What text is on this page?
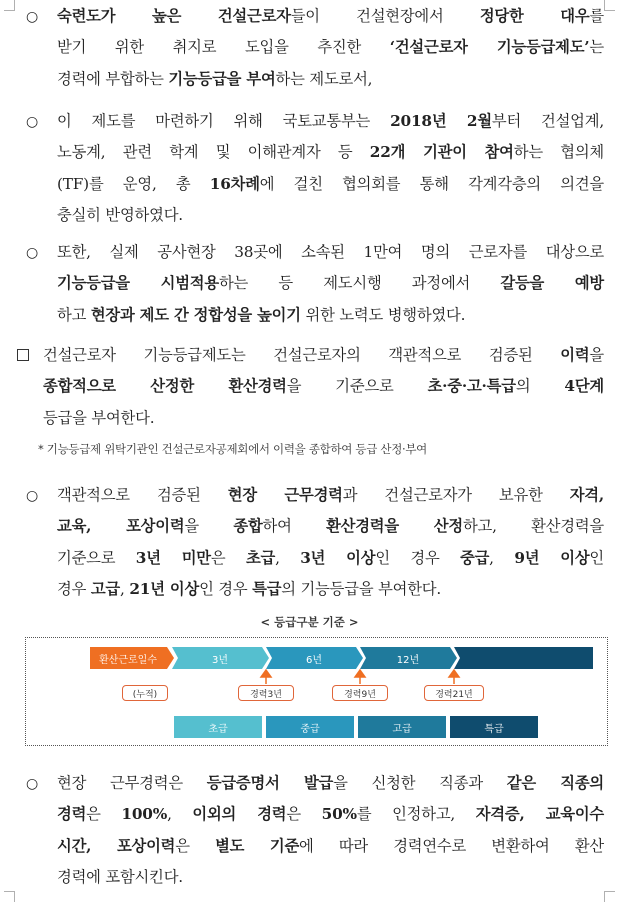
○	숙련도가 높은 건설근로자들이 건설현장에서 정당한 대우를
받기 위한 취지로 도입을 추진한 ‘건설근로자 기능등급제도’는
경력에 부합하는 기능등급을 부여하는 제도로서,
○	이 제도를 마련하기 위해 국토교통부는 2018년 2월부터 건설업계,
노동계, 관련 학계 및 이해관계자 등 22개 기관이 참여하는 협의체
(TF)를 운영, 총 16차례에 걸친 협의회를 통해 각계각층의 의견을
충실히 반영하였다.
○	또한, 실제 공사현장 38곳에 소속된 1만여 명의 근로자를 대상으로
기능등급을 시범적용하는 등 제도시행 과정에서 갈등을 예방
하고 현장과 제도 간 정합성을 높이기 위한 노력도 병행하였다.
건설근로자 기능등급제도는 건설근로자의 객관적으로 검증된 이력을
종합적으로 산정한 환산경력을 기준으로 초·중·고·특급의 4단계
등급을 부여한다.
* 기능등급제 위탁기관인 건설근로자공제회에서 이력을 종합하여 등급 산정·부여
○	객관적으로 검증된 현장 근무경력과 건설근로자가 보유한 자격,
교육, 포상이력을 종합하여 환산경력을 산정하고, 환산경력을
기준으로 3년 미만은 초급, 3년 이상인 경우 중급, 9년 이상인
경우 고급, 21년 이상인 경우 특급의 기능등급을 부여한다.
< 등급구분 기준 >
환산근로일수	3년	6년	12년
(누적)	경력3년	경력9년	경력21년
초급	중급	고급	특급
○	현장 근무경력은 등급증명서 발급을 신청한 직종과 같은 직종의
경력은 100%, 이외의 경력은 50%를 인정하고, 자격증, 교육이수
시간, 포상이력은 별도 기준에 따라 경력연수로 변환하여 환산
경력에 포함시킨다.
